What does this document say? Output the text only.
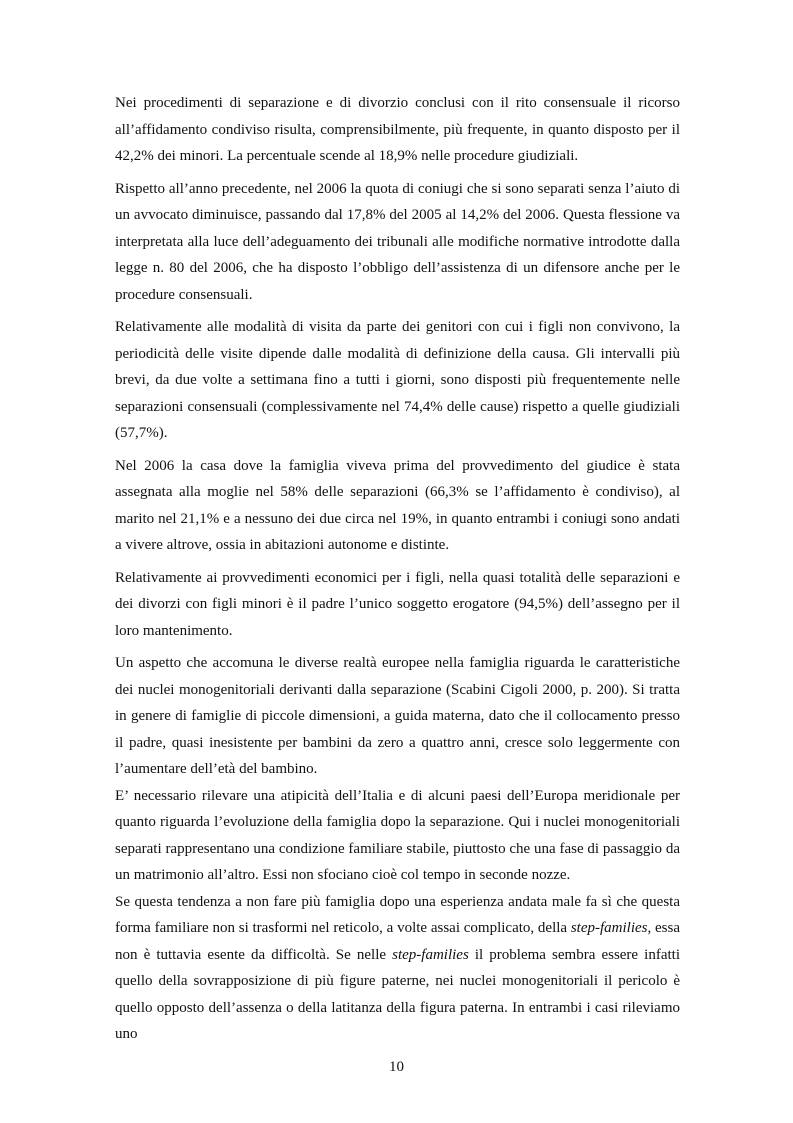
Nei procedimenti di separazione e di divorzio conclusi con il rito consensuale il ricorso all’affidamento condiviso risulta, comprensibilmente, più frequente, in quanto disposto per il 42,2% dei minori. La percentuale scende al 18,9% nelle procedure giudiziali.

Rispetto all’anno precedente, nel 2006 la quota di coniugi che si sono separati senza l’aiuto di un avvocato diminuisce, passando dal 17,8% del 2005 al 14,2% del 2006. Questa flessione va interpretata alla luce dell’adeguamento dei tribunali alle modifiche normative introdotte dalla legge n. 80 del 2006, che ha disposto l’obbligo dell’assistenza di un difensore anche per le procedure consensuali.

Relativamente alle modalità di visita da parte dei genitori con cui i figli non convivono, la periodicità delle visite dipende dalle modalità di definizione della causa. Gli intervalli più brevi, da due volte a settimana fino a tutti i giorni, sono disposti più frequentemente nelle separazioni consensuali (complessivamente nel 74,4% delle cause) rispetto a quelle giudiziali (57,7%).

Nel 2006 la casa dove la famiglia viveva prima del provvedimento del giudice è stata assegnata alla moglie nel 58% delle separazioni (66,3% se l’affidamento è condiviso), al marito nel 21,1% e a nessuno dei due circa nel 19%, in quanto entrambi i coniugi sono andati a vivere altrove, ossia in abitazioni autonome e distinte.

Relativamente ai provvedimenti economici per i figli, nella quasi totalità delle separazioni e dei divorzi con figli minori è il padre l’unico soggetto erogatore (94,5%) dell’assegno per il loro mantenimento.

Un aspetto che accomuna le diverse realtà europee nella famiglia riguarda le caratteristiche dei nuclei monogenitoriali derivanti dalla separazione (Scabini Cigoli 2000, p. 200). Si tratta in genere di famiglie di piccole dimensioni, a guida materna, dato che il collocamento presso il padre, quasi inesistente per bambini da zero a quattro anni, cresce solo leggermente con l’aumentare dell’età del bambino.

E’ necessario rilevare una atipicità dell’Italia e di alcuni paesi dell’Europa meridionale per quanto riguarda l’evoluzione della famiglia dopo la separazione. Qui i nuclei monogenitoriali separati rappresentano una condizione familiare stabile, piuttosto che una fase di passaggio da un matrimonio all’altro. Essi non sfociano cioè col tempo in seconde nozze.

Se questa tendenza a non fare più famiglia dopo una esperienza andata male fa sì che questa forma familiare non si trasformi nel reticolo, a volte assai complicato, della step-families, essa non è tuttavia esente da difficoltà. Se nelle step-families il problema sembra essere infatti quello della sovrapposizione di più figure paterne, nei nuclei monogenitoriali il pericolo è quello opposto dell’assenza o della latitanza della figura paterna. In entrambi i casi rileviamo uno

10
